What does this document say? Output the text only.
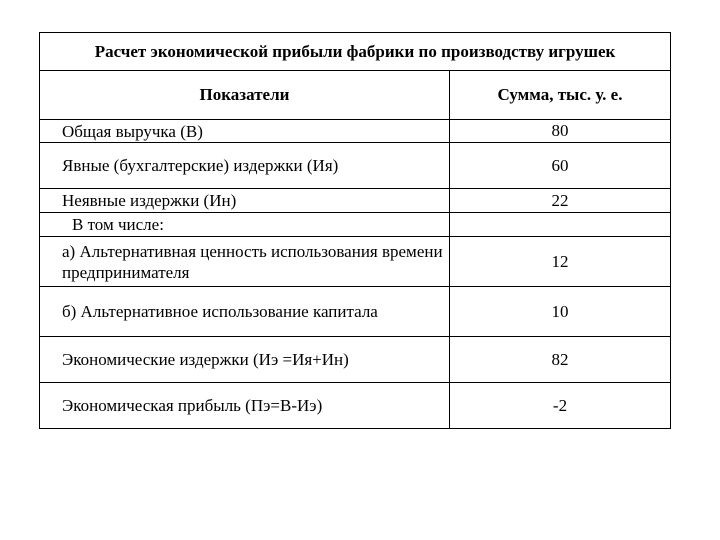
Расчет экономической прибыли фабрики по производству игрушек	
Показатели	Сумма, тыс. у. е.
Общая выручка (В)	80
Явные (бухгалтерские) издержки (Ия)	60
Неявные издержки (Ин)	22
В том числе:	
а) Альтернативная ценность использования времени предпринимателя	12
б) Альтернативное использование капитала	10
Экономические издержки (Иэ =Ия+Ин)	82
Экономическая прибыль (Пэ=В-Иэ)	-2
